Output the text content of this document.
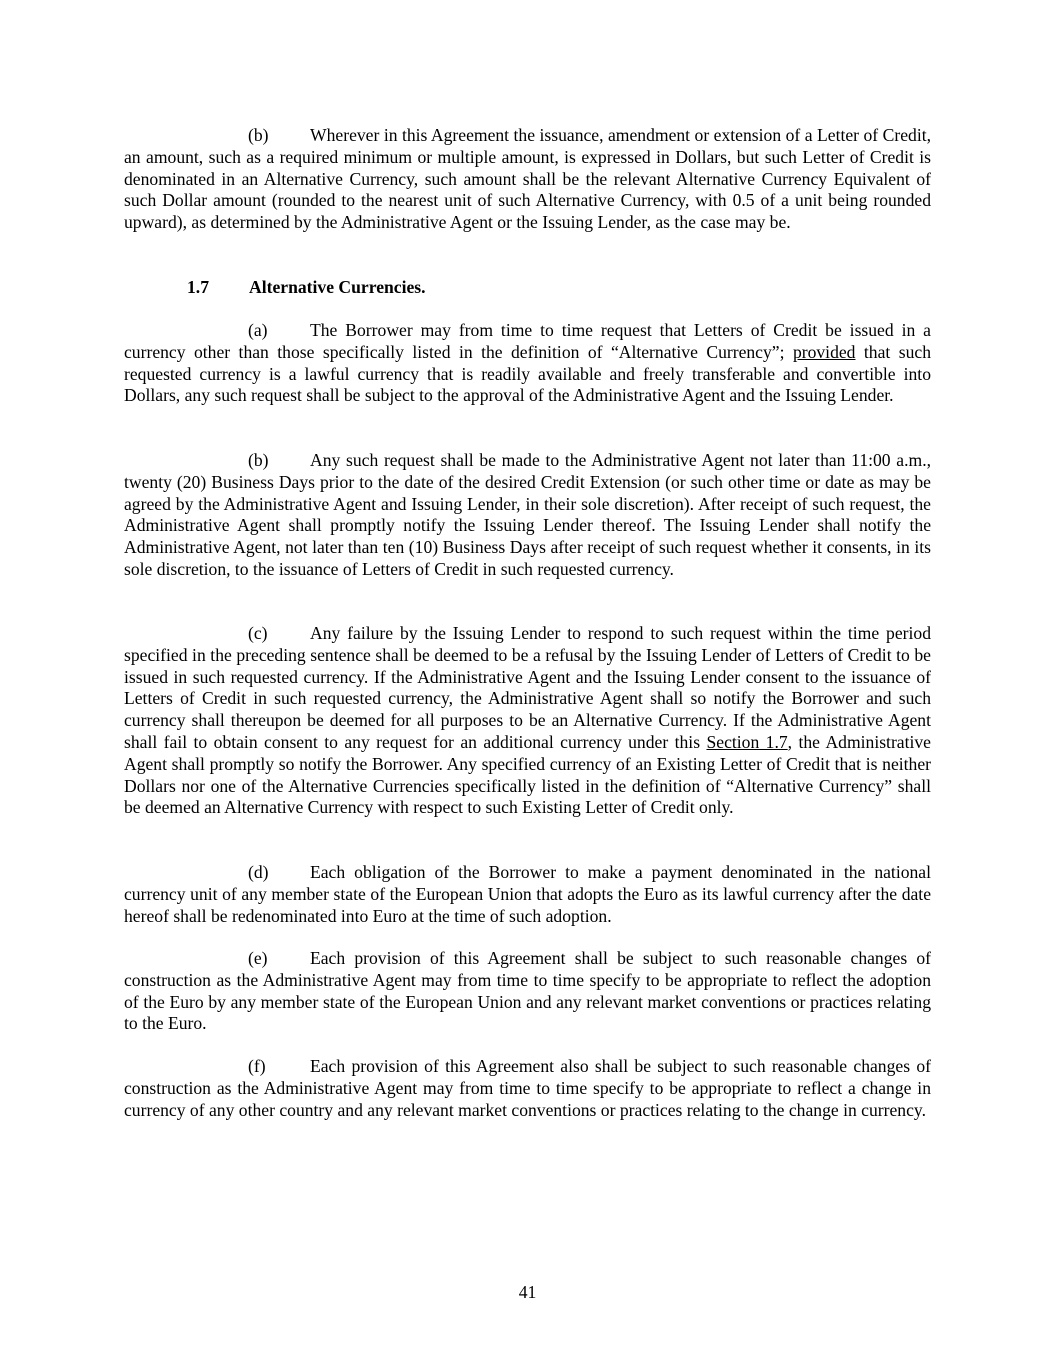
(b) Wherever in this Agreement the issuance, amendment or extension of a Letter of Credit, an amount, such as a required minimum or multiple amount, is expressed in Dollars, but such Letter of Credit is denominated in an Alternative Currency, such amount shall be the relevant Alternative Currency Equivalent of such Dollar amount (rounded to the nearest unit of such Alternative Currency, with 0.5 of a unit being rounded upward), as determined by the Administrative Agent or the Issuing Lender, as the case may be.

1.7 Alternative Currencies.

(a) The Borrower may from time to time request that Letters of Credit be issued in a currency other than those specifically listed in the definition of “Alternative Currency”; provided that such requested currency is a lawful currency that is readily available and freely transferable and convertible into Dollars, any such request shall be subject to the approval of the Administrative Agent and the Issuing Lender.

(b) Any such request shall be made to the Administrative Agent not later than 11:00 a.m., twenty (20) Business Days prior to the date of the desired Credit Extension (or such other time or date as may be agreed by the Administrative Agent and Issuing Lender, in their sole discretion). After receipt of such request, the Administrative Agent shall promptly notify the Issuing Lender thereof. The Issuing Lender shall notify the Administrative Agent, not later than ten (10) Business Days after receipt of such request whether it consents, in its sole discretion, to the issuance of Letters of Credit in such requested currency.

(c) Any failure by the Issuing Lender to respond to such request within the time period specified in the preceding sentence shall be deemed to be a refusal by the Issuing Lender of Letters of Credit to be issued in such requested currency. If the Administrative Agent and the Issuing Lender consent to the issuance of Letters of Credit in such requested currency, the Administrative Agent shall so notify the Borrower and such currency shall thereupon be deemed for all purposes to be an Alternative Currency. If the Administrative Agent shall fail to obtain consent to any request for an additional currency under this Section 1.7, the Administrative Agent shall promptly so notify the Borrower. Any specified currency of an Existing Letter of Credit that is neither Dollars nor one of the Alternative Currencies specifically listed in the definition of “Alternative Currency” shall be deemed an Alternative Currency with respect to such Existing Letter of Credit only.

(d) Each obligation of the Borrower to make a payment denominated in the national currency unit of any member state of the European Union that adopts the Euro as its lawful currency after the date hereof shall be redenominated into Euro at the time of such adoption.

(e) Each provision of this Agreement shall be subject to such reasonable changes of construction as the Administrative Agent may from time to time specify to be appropriate to reflect the adoption of the Euro by any member state of the European Union and any relevant market conventions or practices relating to the Euro.

(f)	Each provision of this Agreement also shall be subject to such reasonable changes of construction as the Administrative Agent may from time to time specify to be appropriate to reflect a change in currency of any other country and any relevant market conventions or practices relating to the change in currency.

41
